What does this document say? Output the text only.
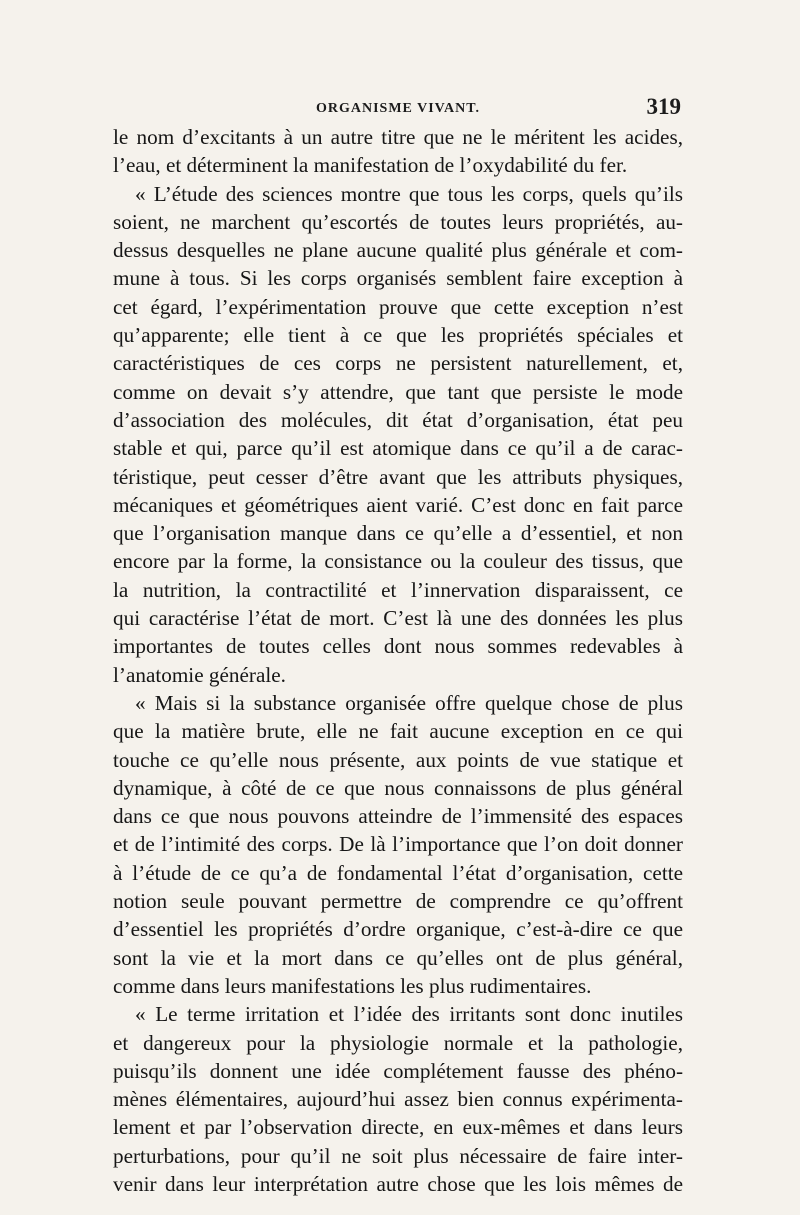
ORGANISME VIVANT.	319
le nom d’excitants à un autre titre que ne le méritent les acides,
l’eau, et déterminent la manifestation de l’oxydabilité du fer.
« L’étude des sciences montre que tous les corps, quels qu’ils
soient, ne marchent qu’escortés de toutes leurs propriétés, au-
dessus desquelles ne plane aucune qualité plus générale et com-
mune à tous. Si les corps organisés semblent faire exception à
cet égard, l’expérimentation prouve que cette exception n’est
qu’apparente; elle tient à ce que les propriétés spéciales et
caractéristiques de ces corps ne persistent naturellement, et,
comme on devait s’y attendre, que tant que persiste le mode
d’association des molécules, dit état d’organisation, état peu
stable et qui, parce qu’il est atomique dans ce qu’il a de carac-
téristique, peut cesser d’être avant que les attributs physiques,
mécaniques et géométriques aient varié. C’est donc en fait parce
que l’organisation manque dans ce qu’elle a d’essentiel, et non
encore par la forme, la consistance ou la couleur des tissus, que
la nutrition, la contractilité et l’innervation disparaissent, ce
qui caractérise l’état de mort. C’est là une des données les plus
importantes de toutes celles dont nous sommes redevables à
l’anatomie générale.
« Mais si la substance organisée offre quelque chose de plus
que la matière brute, elle ne fait aucune exception en ce qui
touche ce qu’elle nous présente, aux points de vue statique et
dynamique, à côté de ce que nous connaissons de plus général
dans ce que nous pouvons atteindre de l’immensité des espaces
et de l’intimité des corps. De là l’importance que l’on doit donner
à l’étude de ce qu’a de fondamental l’état d’organisation, cette
notion seule pouvant permettre de comprendre ce qu’offrent
d’essentiel les propriétés d’ordre organique, c’est-à-dire ce que
sont la vie et la mort dans ce qu’elles ont de plus général,
comme dans leurs manifestations les plus rudimentaires.
« Le terme irritation et l’idée des irritants sont donc inutiles
et dangereux pour la physiologie normale et la pathologie,
puisqu’ils donnent une idée complétement fausse des phéno-
mènes élémentaires, aujourd’hui assez bien connus expérimenta-
lement et par l’observation directe, en eux-mêmes et dans leurs
perturbations, pour qu’il ne soit plus nécessaire de faire inter-
venir dans leur interprétation autre chose que les lois mêmes de
